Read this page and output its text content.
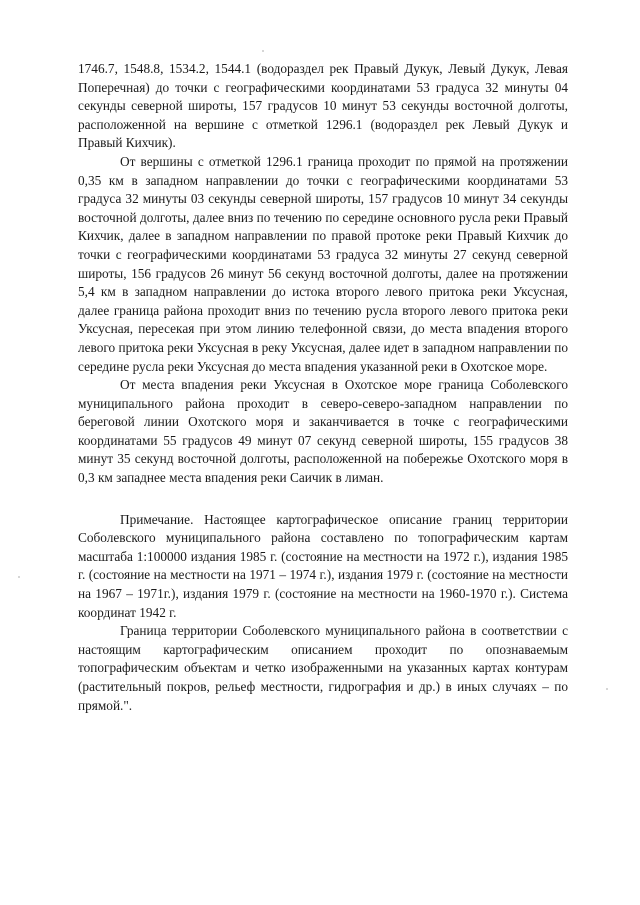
1746.7, 1548.8, 1534.2, 1544.1 (водораздел рек Правый Дукук, Левый Дукук, Левая Поперечная) до точки с географическими координатами 53 градуса 32 минуты 04 секунды северной широты, 157 градусов 10 минут 53 секунды восточной долготы, расположенной на вершине с отметкой 1296.1 (водораздел рек Левый Дукук и Правый Кихчик).

От вершины с отметкой 1296.1 граница проходит по прямой на протяжении 0,35 км в западном направлении до точки с географическими координатами 53 градуса 32 минуты 03 секунды северной широты, 157 градусов 10 минут 34 секунды восточной долготы, далее вниз по течению по середине основного русла реки Правый Кихчик, далее в западном направлении по правой протоке реки Правый Кихчик до точки с географическими координатами 53 градуса 32 минуты 27 секунд северной широты, 156 градусов 26 минут 56 секунд восточной долготы, далее на протяжении 5,4 км в западном направлении до истока второго левого притока реки Уксусная, далее граница района проходит вниз по течению русла второго левого притока реки Уксусная, пересекая при этом линию телефонной связи, до места впадения второго левого притока реки Уксусная в реку Уксусная, далее идет в западном направлении по середине русла реки Уксусная до места впадения указанной реки в Охотское море.

От места впадения реки Уксусная в Охотское море граница Соболевского муниципального района проходит в северо-северо-западном направлении по береговой линии Охотского моря и заканчивается в точке с географическими координатами 55 градусов 49 минут 07 секунд северной широты, 155 градусов 38 минут 35 секунд восточной долготы, расположенной на побережье Охотского моря в 0,3 км западнее места впадения реки Саичик в лиман.

Примечание. Настоящее картографическое описание границ территории Соболевского муниципального района составлено по топографическим картам масштаба 1:100000 издания 1985 г. (состояние на местности на 1972 г.), издания 1985 г. (состояние на местности на 1971 – 1974 г.), издания 1979 г. (состояние на местности на 1967 – 1971г.), издания 1979 г. (состояние на местности на 1960-1970 г.). Система координат 1942 г.

Граница территории Соболевского муниципального района в соответствии с настоящим картографическим описанием проходит по опознаваемым топографическим объектам и четко изображенными на указанных картах контурам (растительный покров, рельеф местности, гидрография и др.) в иных случаях – по прямой.".
